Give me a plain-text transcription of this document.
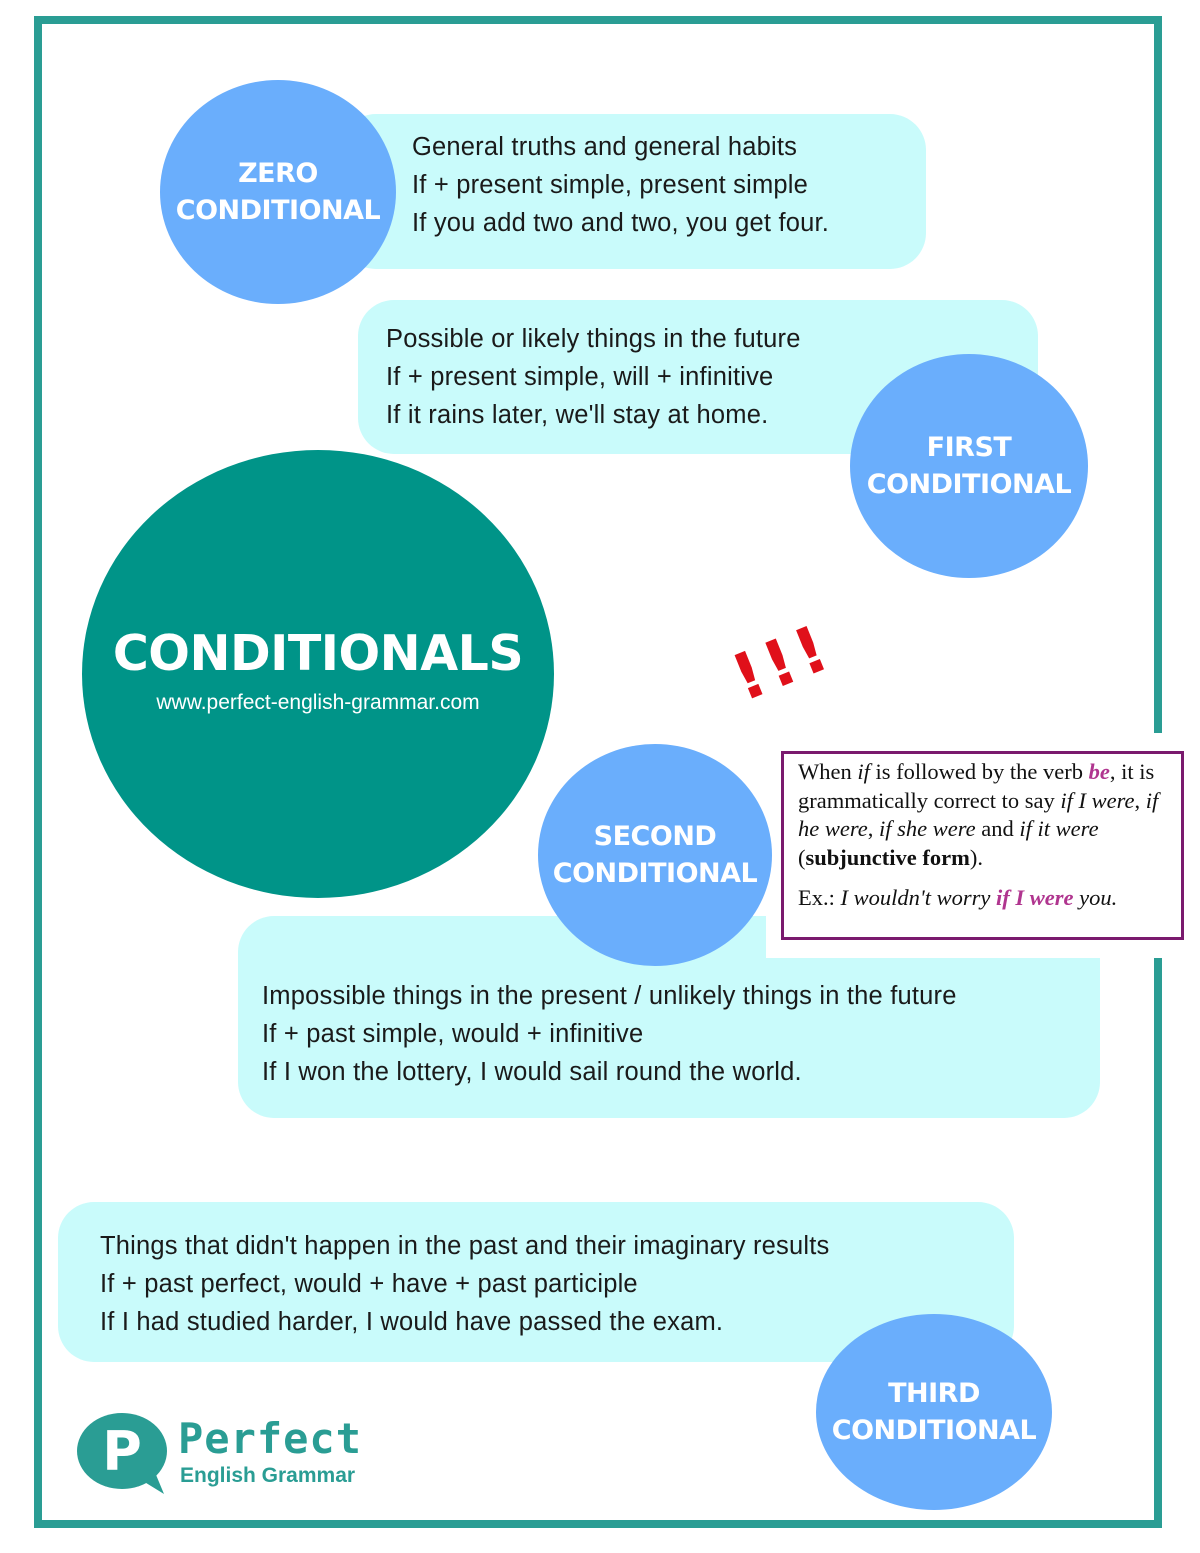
General truths and general habits
If + present simple, present simple
If you add two and two, you get four.
ZERO
CONDITIONAL
Possible or likely things in the future
If + present simple, will + infinitive
If it rains later, we'll stay at home.
FIRST
CONDITIONAL
CONDITIONALS
www.perfect-english-grammar.com
Impossible things in the present / unlikely things in the future
If + past simple, would + infinitive
If I won the lottery, I would sail round the world.
!!!
When if is followed by the verb be, it is grammatically correct to say if I were, if he were, if she were and if it were (subjunctive form).
Ex.: I wouldn't worry if I were you.
SECOND
CONDITIONAL
Things that didn't happen in the past and their imaginary results
If + past perfect, would + have + past participle
If I had studied harder, I would have passed the exam.
THIRD
CONDITIONAL
P Perfect
English Grammar
